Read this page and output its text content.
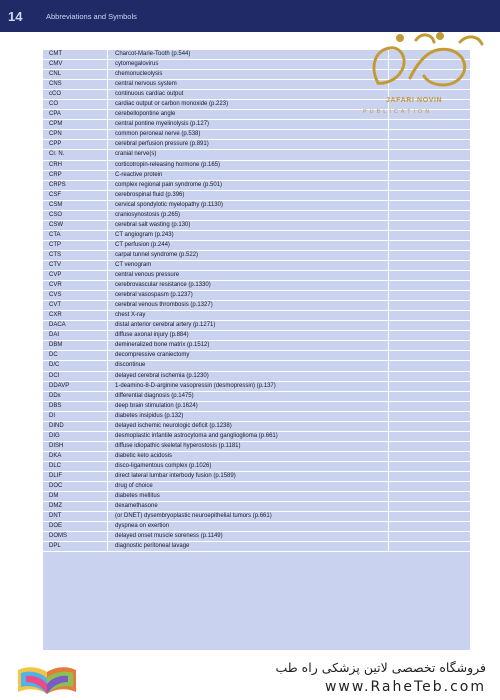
14	Abbreviations and Symbols
CMT	Charcot-Marie-Tooth (p.544)
CMV	cytomegalovirus
CNL	chemonucleolysis
CNS	central nervous system
cCO	continuous cardiac output
CO	cardiac output or carbon monoxide (p.223)
CPA	cerebellopontine angle
CPM	central pontine myelinolysis (p.127)
CPN	common peroneal nerve (p.538)
CPP	cerebral perfusion pressure (p.891)
Cr. N.	cranial nerve(s)
CRH	corticotropin-releasing hormone (p.165)
CRP	C-reactive protein
CRPS	complex regional pain syndrome (p.501)
CSF	cerebrospinal fluid (p.396)
CSM	cervical spondylotic myelopathy (p.1130)
CSO	craniosynostosis (p.265)
CSW	cerebral salt wasting (p.130)
CTA	CT angiogram (p.243)
CTP	CT perfusion (p.244)
CTS	carpal tunnel syndrome (p.522)
CTV	CT venogram
CVP	central venous pressure
CVR	cerebrovascular resistance (p.1330)
CVS	cerebral vasospasm (p.1237)
CVT	cerebral venous thrombosis (p.1327)
CXR	chest X-ray
DACA	distal anterior cerebral artery (p.1271)
DAI	diffuse axonal injury (p.884)
DBM	demineralized bone matrix (p.1512)
DC	decompressive craniectomy
D/C	discontinue
DCI	delayed cerebral ischemia (p.1230)
DDAVP	1-deamino-8-D-arginine vasopressin (desmopressin) (p.137)
DDx	differential diagnosis (p.1475)
DBS	deep brain stimulation (p.1624)
DI	diabetes insipidus (p.132)
DIND	delayed ischemic neurologic deficit (p.1238)
DIG	desmoplastic infantile astrocytoma and ganglioglioma (p.661)
DISH	diffuse idiopathic skeletal hyperostosis (p.1181)
DKA	diabetic keto acidosis
DLC	disco-ligamentous complex (p.1026)
DLIF	direct lateral lumbar interbody fusion (p.1589)
DOC	drug of choice
DM	diabetes mellitus
DMZ	dexamethasone
DNT	(or DNET) dysembryoplastic neuroepithelial tumors (p.661)
DOE	dyspnea on exertion
DOMS	delayed onset muscle soreness (p.1149)
DPL	diagnostic peritoneal lavage
JAFARI NOVIN
PUBLICATION
فروشگاه تخصصی لاتین پزشکی راه طب
www.RaheTeb.com
